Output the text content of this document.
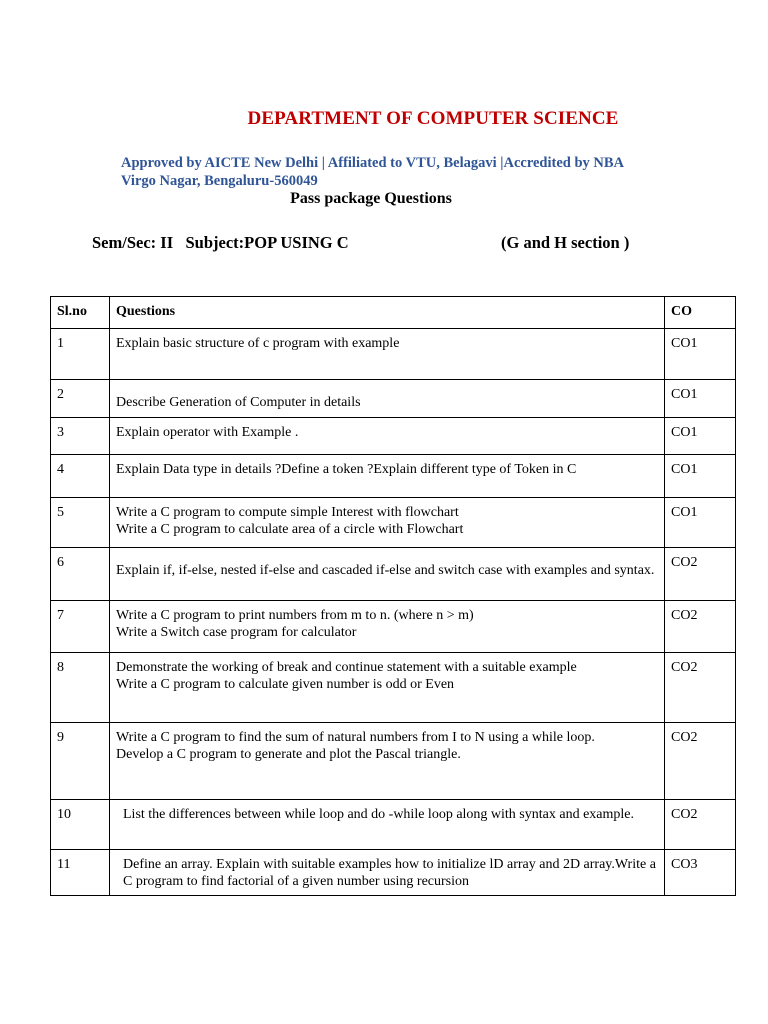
DEPARTMENT OF COMPUTER SCIENCE
Approved by AICTE New Delhi | Affiliated to VTU, Belagavi |Accredited by NBA Virgo Nagar, Bengaluru-560049
Pass package Questions
Sem/Sec: II   Subject:POP USING C	(G and H section )
Sl.no	Questions	CO
1	Explain basic structure of c program with example	CO1
2	Describe Generation of Computer in details	CO1
3	Explain operator with Example .	CO1
4	Explain Data type in details ?Define a token ?Explain different type of Token in C	CO1
5	Write a C program to compute simple Interest with flowchart
Write a C program to calculate area of a circle with Flowchart	CO1
6	Explain if, if-else, nested if-else and cascaded if-else and switch case with examples and syntax.	CO2
7	Write a C program to print numbers from m to n. (where n > m)
Write a Switch case program for calculator	CO2
8	Demonstrate the working of break and continue statement with a suitable example
Write a C program to calculate given number is odd or Even	CO2
9	Write a C program to find the sum of natural numbers from I to N using a while loop.
Develop a C program to generate and plot the Pascal triangle.	CO2
10	List the differences between while loop and do -while loop along with syntax and example.	CO2
11	Define an array. Explain with suitable examples how to initialize lD array and 2D array.Write a C program to find factorial of a given number using recursion	CO3
